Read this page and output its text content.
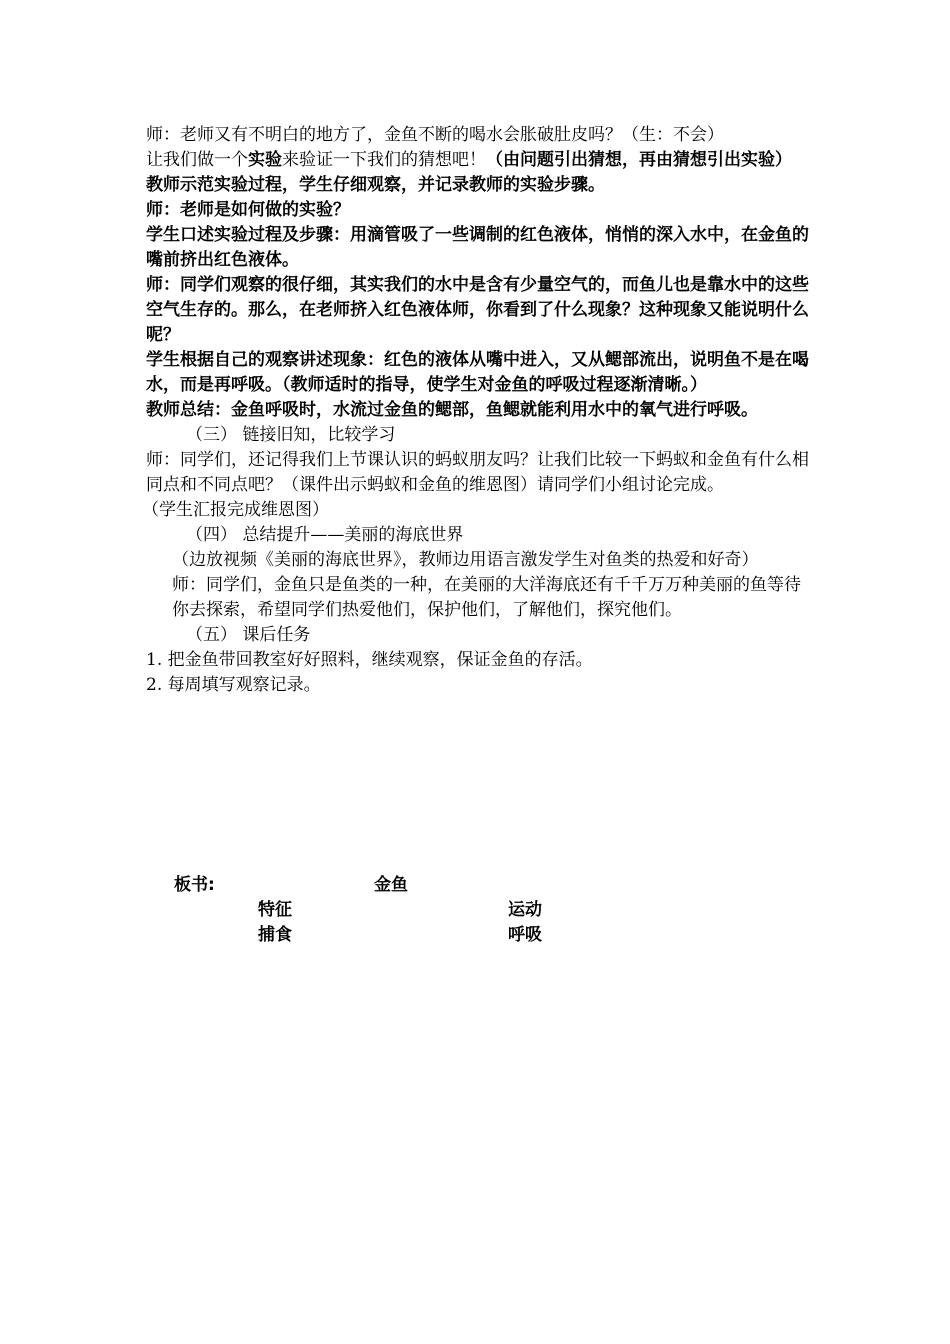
师：老师又有不明白的地方了，金鱼不断的喝水会胀破肚皮吗？（生：不会）

让我们做一个实验来验证一下我们的猜想吧！（由问题引出猜想，再由猜想引出实验）

教师示范实验过程，学生仔细观察，并记录教师的实验步骤。

师：老师是如何做的实验？

学生口述实验过程及步骤：用滴管吸了一些调制的红色液体，悄悄的深入水中，在金鱼的嘴前挤出红色液体。

师：同学们观察的很仔细，其实我们的水中是含有少量空气的，而鱼儿也是靠水中的这些空气生存的。那么，在老师挤入红色液体师，你看到了什么现象？这种现象又能说明什么呢？

学生根据自己的观察讲述现象：红色的液体从嘴中进入，又从鳃部流出，说明鱼不是在喝水，而是再呼吸。（教师适时的指导，使学生对金鱼的呼吸过程逐渐清晰。）

教师总结：金鱼呼吸时，水流过金鱼的鳃部，鱼鳃就能利用水中的氧气进行呼吸。

（三） 链接旧知，比较学习

师：同学们，还记得我们上节课认识的蚂蚁朋友吗？让我们比较一下蚂蚁和金鱼有什么相同点和不同点吧？（课件出示蚂蚁和金鱼的维恩图）请同学们小组讨论完成。

（学生汇报完成维恩图）

（四） 总结提升——美丽的海底世界

（边放视频《美丽的海底世界》，教师边用语言激发学生对鱼类的热爱和好奇）

师：同学们，金鱼只是鱼类的一种，在美丽的大洋海底还有千千万万种美丽的鱼等待你去探索，希望同学们热爱他们，保护他们，了解他们，探究他们。

（五） 课后任务

1. 把金鱼带回教室好好照料，继续观察，保证金鱼的存活。

2. 每周填写观察记录。

板书:	金鱼
特征	运动
捕食	呼吸
